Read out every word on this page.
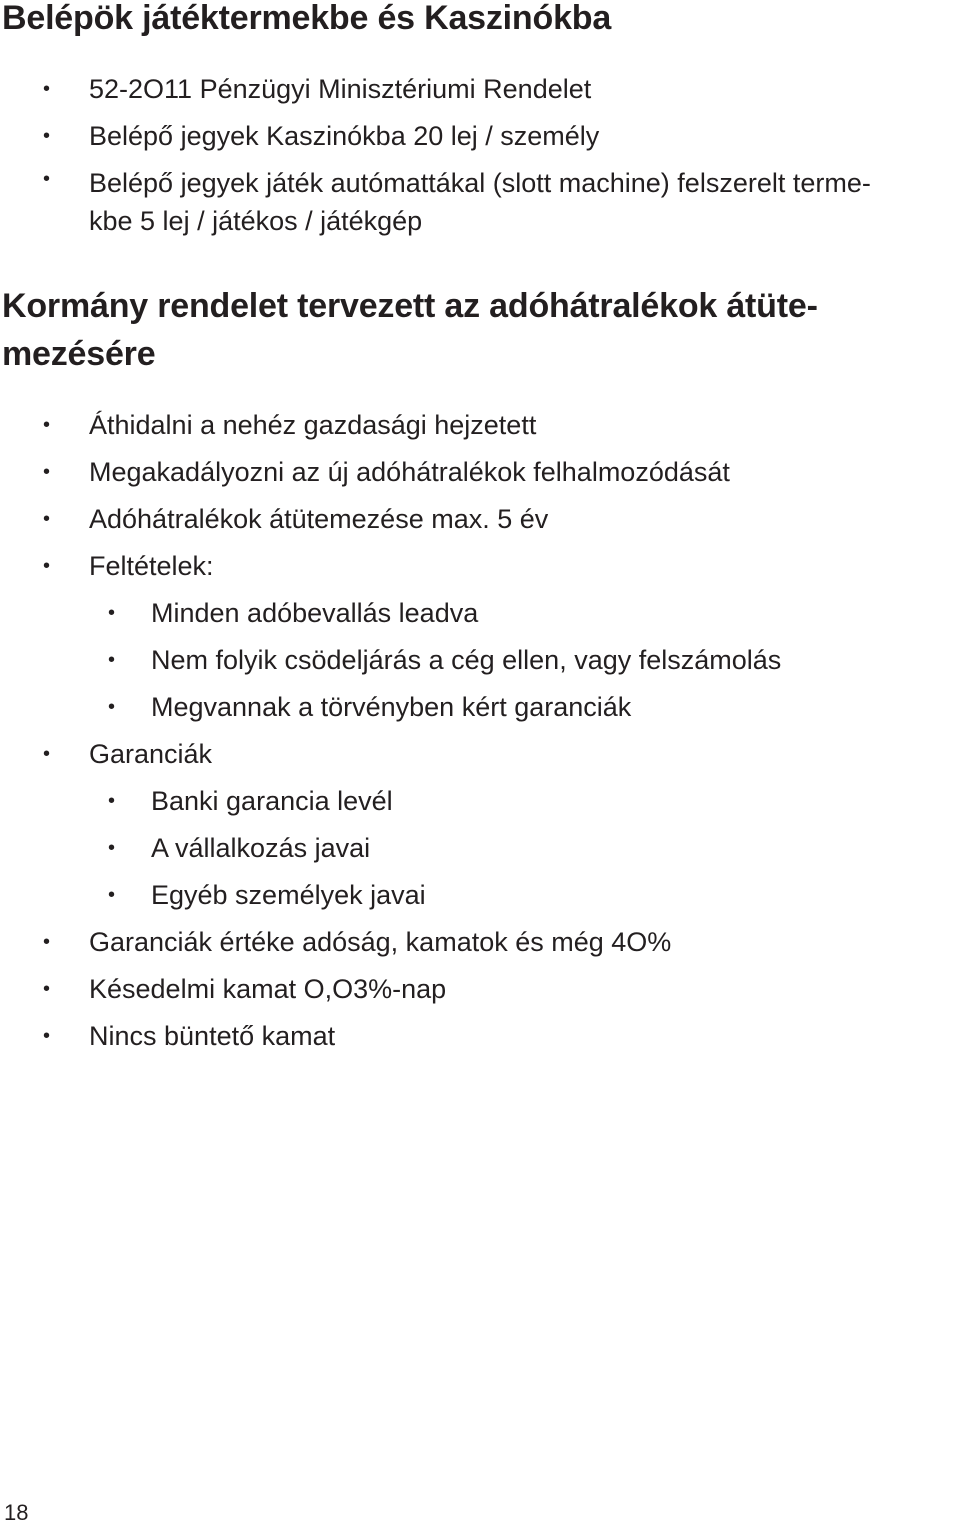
Belépök játéktermekbe és Kaszinókba
• 52-2O11 Pénzügyi Minisztériumi Rendelet
• Belépő jegyek Kaszinókba 20 lej / személy
• Belépő jegyek játék autómattákal (slott machine) felszerelt terme-
kbe 5 lej / játékos / játékgép
Kormány rendelet tervezett az adóhátralékok átüte-
mezésére
• Áthidalni a nehéz gazdasági hejzetett
• Megakadályozni az új adóhátralékok felhalmozódását
• Adóhátralékok átütemezése max. 5 év
• Feltételek:
• Minden adóbevallás leadva
• Nem folyik csödeljárás a cég ellen, vagy felszámolás
• Megvannak a törvényben kért garanciák
• Garanciák
• Banki garancia levél
• A vállalkozás javai
• Egyéb személyek javai
• Garanciák értéke adóság, kamatok és még 4O%
• Késedelmi kamat O,O3%-nap
• Nincs büntető kamat
18
